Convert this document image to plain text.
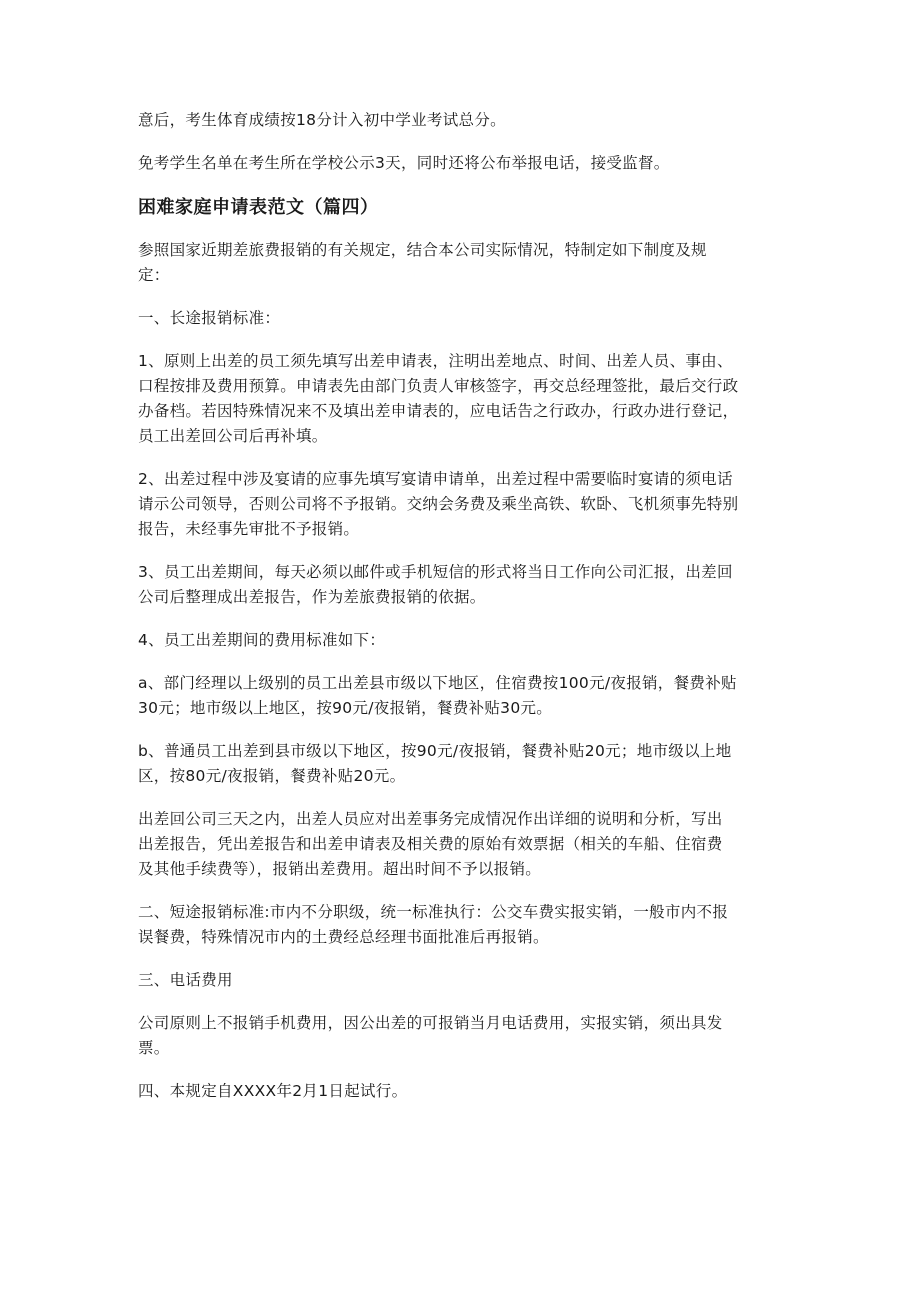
意后，考生体育成绩按18分计入初中学业考试总分。

免考学生名单在考生所在学校公示3天，同时还将公布举报电话，接受监督。

困难家庭申请表范文（篇四）

参照国家近期差旅费报销的有关规定，结合本公司实际情况，特制定如下制度及规
定：

一、长途报销标准：

1、原则上出差的员工须先填写出差申请表，注明出差地点、时间、出差人员、事由、
口程按排及费用预算。申请表先由部门负责人审核签字，再交总经理签批，最后交行政
办备档。若因特殊情况来不及填出差申请表的，应电话告之行政办，行政办进行登记，
员工出差回公司后再补填。

2、出差过程中涉及宴请的应事先填写宴请申请单，出差过程中需要临时宴请的须电话
请示公司领导，否则公司将不予报销。交纳会务费及乘坐高铁、软卧、飞机须事先特别
报告，未经事先审批不予报销。

3、员工出差期间，每天必须以邮件或手机短信的形式将当日工作向公司汇报，出差回
公司后整理成出差报告，作为差旅费报销的依据。

4、员工出差期间的费用标准如下：

a、部门经理以上级别的员工出差县市级以下地区，住宿费按100元/夜报销，餐费补贴
30元；地市级以上地区，按90元/夜报销，餐费补贴30元。

b、普通员工出差到县市级以下地区，按90元/夜报销，餐费补贴20元；地市级以上地
区，按80元/夜报销，餐费补贴20元。

出差回公司三天之内，出差人员应对出差事务完成情况作出详细的说明和分析，写出
出差报告，凭出差报告和出差申请表及相关费的原始有效票据（相关的车船、住宿费
及其他手续费等），报销出差费用。超出时间不予以报销。

二、短途报销标准:市内不分职级，统一标准执行：公交车费实报实销，一般市内不报
误餐费，特殊情况市内的土费经总经理书面批准后再报销。

三、电话费用

公司原则上不报销手机费用，因公出差的可报销当月电话费用，实报实销，须出具发
票。

四、本规定自XXXX年2月1日起试行。
